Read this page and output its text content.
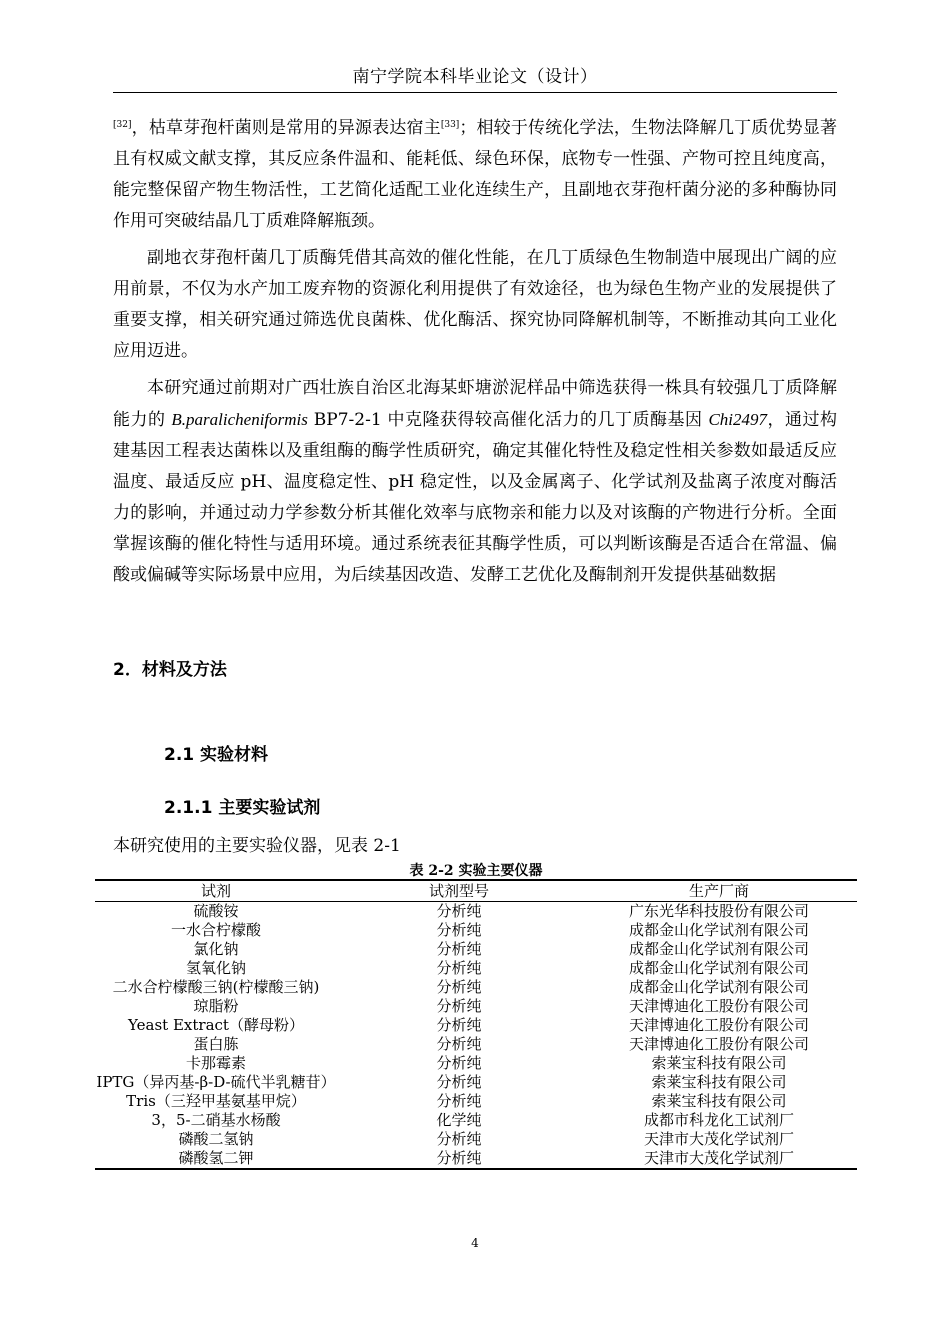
南宁学院本科毕业论文（设计）

[32]，枯草芽孢杆菌则是常用的异源表达宿主[33]；相较于传统化学法，生物法降解几丁质优势显著且有权威文献支撑，其反应条件温和、能耗低、绿色环保，底物专一性强、产物可控且纯度高，能完整保留产物生物活性，工艺简化适配工业化连续生产，且副地衣芽孢杆菌分泌的多种酶协同作用可突破结晶几丁质难降解瓶颈。

副地衣芽孢杆菌几丁质酶凭借其高效的催化性能，在几丁质绿色生物制造中展现出广阔的应用前景，不仅为水产加工废弃物的资源化利用提供了有效途径，也为绿色生物产业的发展提供了重要支撑，相关研究通过筛选优良菌株、优化酶活、探究协同降解机制等，不断推动其向工业化应用迈进。

本研究通过前期对广西壮族自治区北海某虾塘淤泥样品中筛选获得一株具有较强几丁质降解能力的 B.paralicheniformis BP7-2-1 中克隆获得较高催化活力的几丁质酶基因 Chi2497，通过构建基因工程表达菌株以及重组酶的酶学性质研究，确定其催化特性及稳定性相关参数如最适反应温度、最适反应 pH、温度稳定性、pH 稳定性，以及金属离子、化学试剂及盐离子浓度对酶活力的影响，并通过动力学参数分析其催化效率与底物亲和能力以及对该酶的产物进行分析。全面掌握该酶的催化特性与适用环境。通过系统表征其酶学性质，可以判断该酶是否适合在常温、偏酸或偏碱等实际场景中应用，为后续基因改造、发酵工艺优化及酶制剂开发提供基础数据

2．材料及方法
2.1 实验材料
2.1.1 主要实验试剂
本研究使用的主要实验仪器，见表 2-1
表 2-2 实验主要仪器
试剂	试剂型号	生产厂商
硫酸铵	分析纯	广东光华科技股份有限公司
一水合柠檬酸	分析纯	成都金山化学试剂有限公司
氯化钠	分析纯	成都金山化学试剂有限公司
氢氧化钠	分析纯	成都金山化学试剂有限公司
二水合柠檬酸三钠(柠檬酸三钠)	分析纯	成都金山化学试剂有限公司
琼脂粉	分析纯	天津博迪化工股份有限公司
Yeast Extract（酵母粉）	分析纯	天津博迪化工股份有限公司
蛋白胨	分析纯	天津博迪化工股份有限公司
卡那霉素	分析纯	索莱宝科技有限公司
IPTG（异丙基-β-D-硫代半乳糖苷）	分析纯	索莱宝科技有限公司
Tris（三羟甲基氨基甲烷）	分析纯	索莱宝科技有限公司
3，5-二硝基水杨酸	化学纯	成都市科龙化工试剂厂
磷酸二氢钠	分析纯	天津市大茂化学试剂厂
磷酸氢二钾	分析纯	天津市大茂化学试剂厂
4
